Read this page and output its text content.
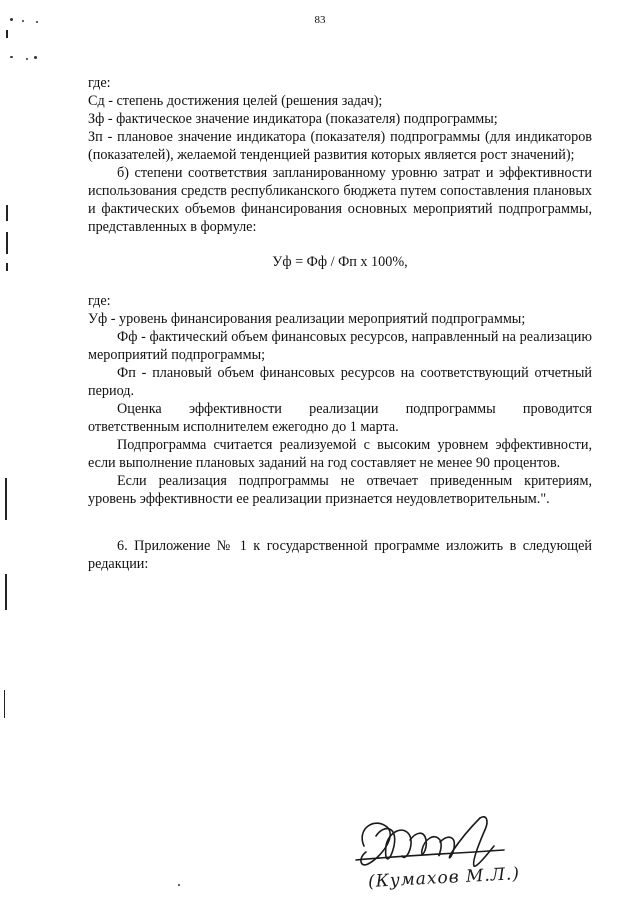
83

где:

Сд - степень достижения целей (решения задач);

Зф - фактическое значение индикатора (показателя) подпрограммы;

Зп - плановое значение индикатора (показателя) подпрограммы (для индикаторов (показателей), желаемой тенденцией развития которых является рост значений);

б) степени соответствия запланированному уровню затрат и эффективности использования средств республиканского бюджета путем сопоставления плановых и фактических объемов финансирования основных мероприятий подпрограммы, представленных в формуле:

Уф = Фф / Фп х 100%,

где:

Уф - уровень финансирования реализации мероприятий подпрограммы;

Фф - фактический объем финансовых ресурсов, направленный на реализацию мероприятий подпрограммы;

Фп - плановый объем финансовых ресурсов на соответствующий отчетный период.

Оценка эффективности реализации подпрограммы проводится ответственным исполнителем ежегодно до 1 марта.

Подпрограмма считается реализуемой с высоким уровнем эффективности, если выполнение плановых заданий на год составляет не менее 90 процентов.

Если реализация подпрограммы не отвечает приведенным критериям, уровень эффективности ее реализации признается неудовлетворительным.".

6. Приложение № 1 к государственной программе изложить в следующей редакции:

(Кумахов М.Л.)
